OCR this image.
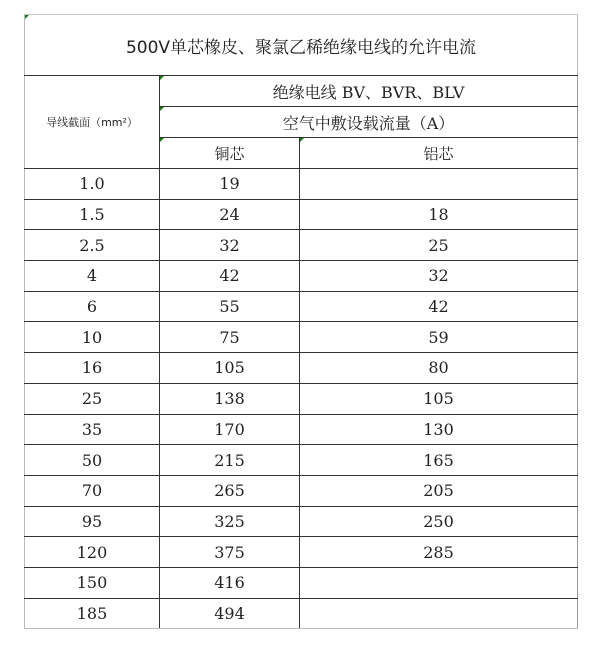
500V单芯橡皮、聚氯乙稀绝缘电线的允许电流		
导线截面（mm²）	绝缘电线 BV、BVR、BLV	
	空气中敷设载流量（A）	
	铜芯	铝芯
1.0	19	
1.5	24	18
2.5	32	25
4	42	32
6	55	42
10	75	59
16	105	80
25	138	105
35	170	130
50	215	165
70	265	205
95	325	250
120	375	285
150	416	
185	494	
